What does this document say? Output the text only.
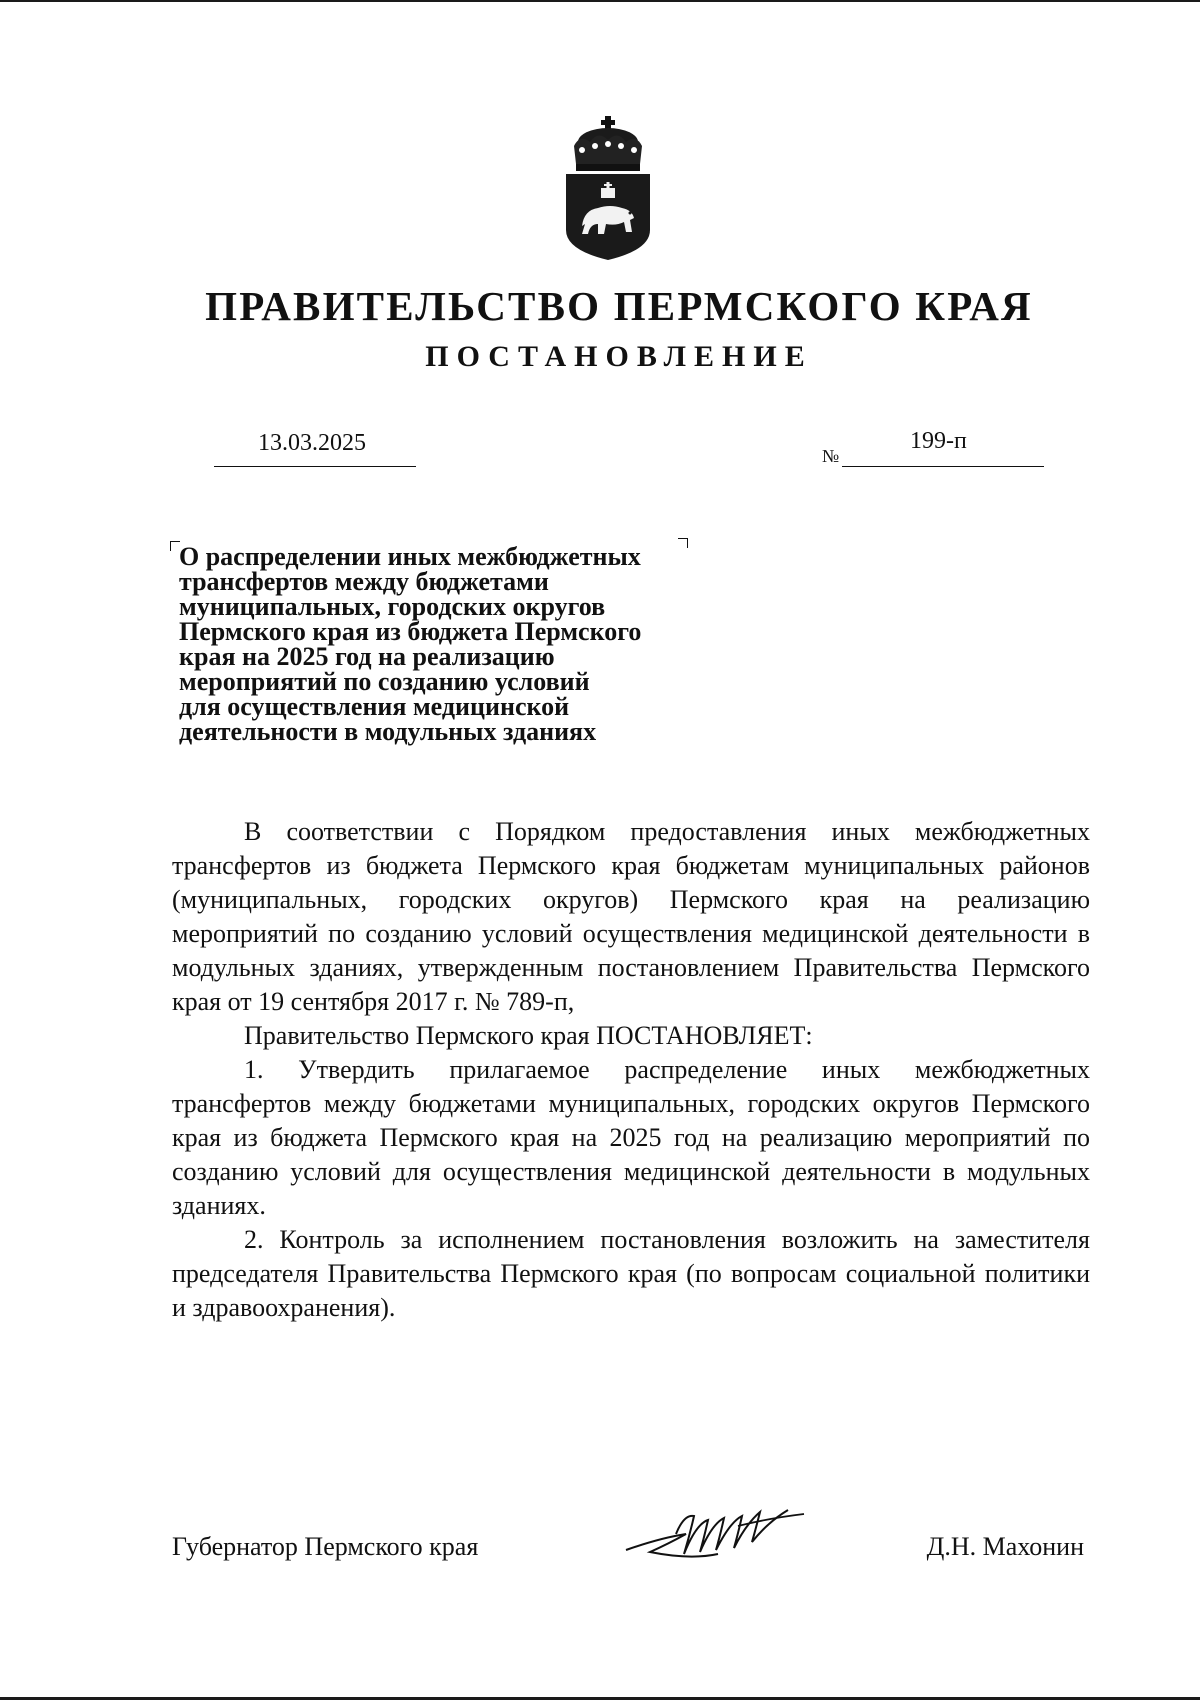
ПРАВИТЕЛЬСТВО ПЕРМСКОГО КРАЯ
ПОСТАНОВЛЕНИЕ
13.03.2025	№
199-п

О распределении иных межбюджетных

трансфертов между бюджетами

муниципальных, городских округов

Пермского края из бюджета Пермского

края на 2025 год на реализацию

мероприятий по созданию условий

для осуществления медицинской

деятельности в модульных зданиях

В соответствии с Порядком предоставления иных межбюджетных трансфертов из бюджета Пермского края бюджетам муниципальных районов (муниципальных, городских округов) Пермского края на реализацию мероприятий по созданию условий осуществления медицинской деятельности в модульных зданиях, утвержденным постановлением Правительства Пермского края от 19 сентября 2017 г. № 789-п,

Правительство Пермского края ПОСТАНОВЛЯЕТ:

1. Утвердить прилагаемое распределение иных межбюджетных трансфертов между бюджетами муниципальных, городских округов Пермского края из бюджета Пермского края на 2025 год на реализацию мероприятий по созданию условий для осуществления медицинской деятельности в модульных зданиях.

2. Контроль за исполнением постановления возложить на заместителя председателя Правительства Пермского края (по вопросам социальной политики и здравоохранения).

Губернатор Пермского края	Д.Н. Махонин
